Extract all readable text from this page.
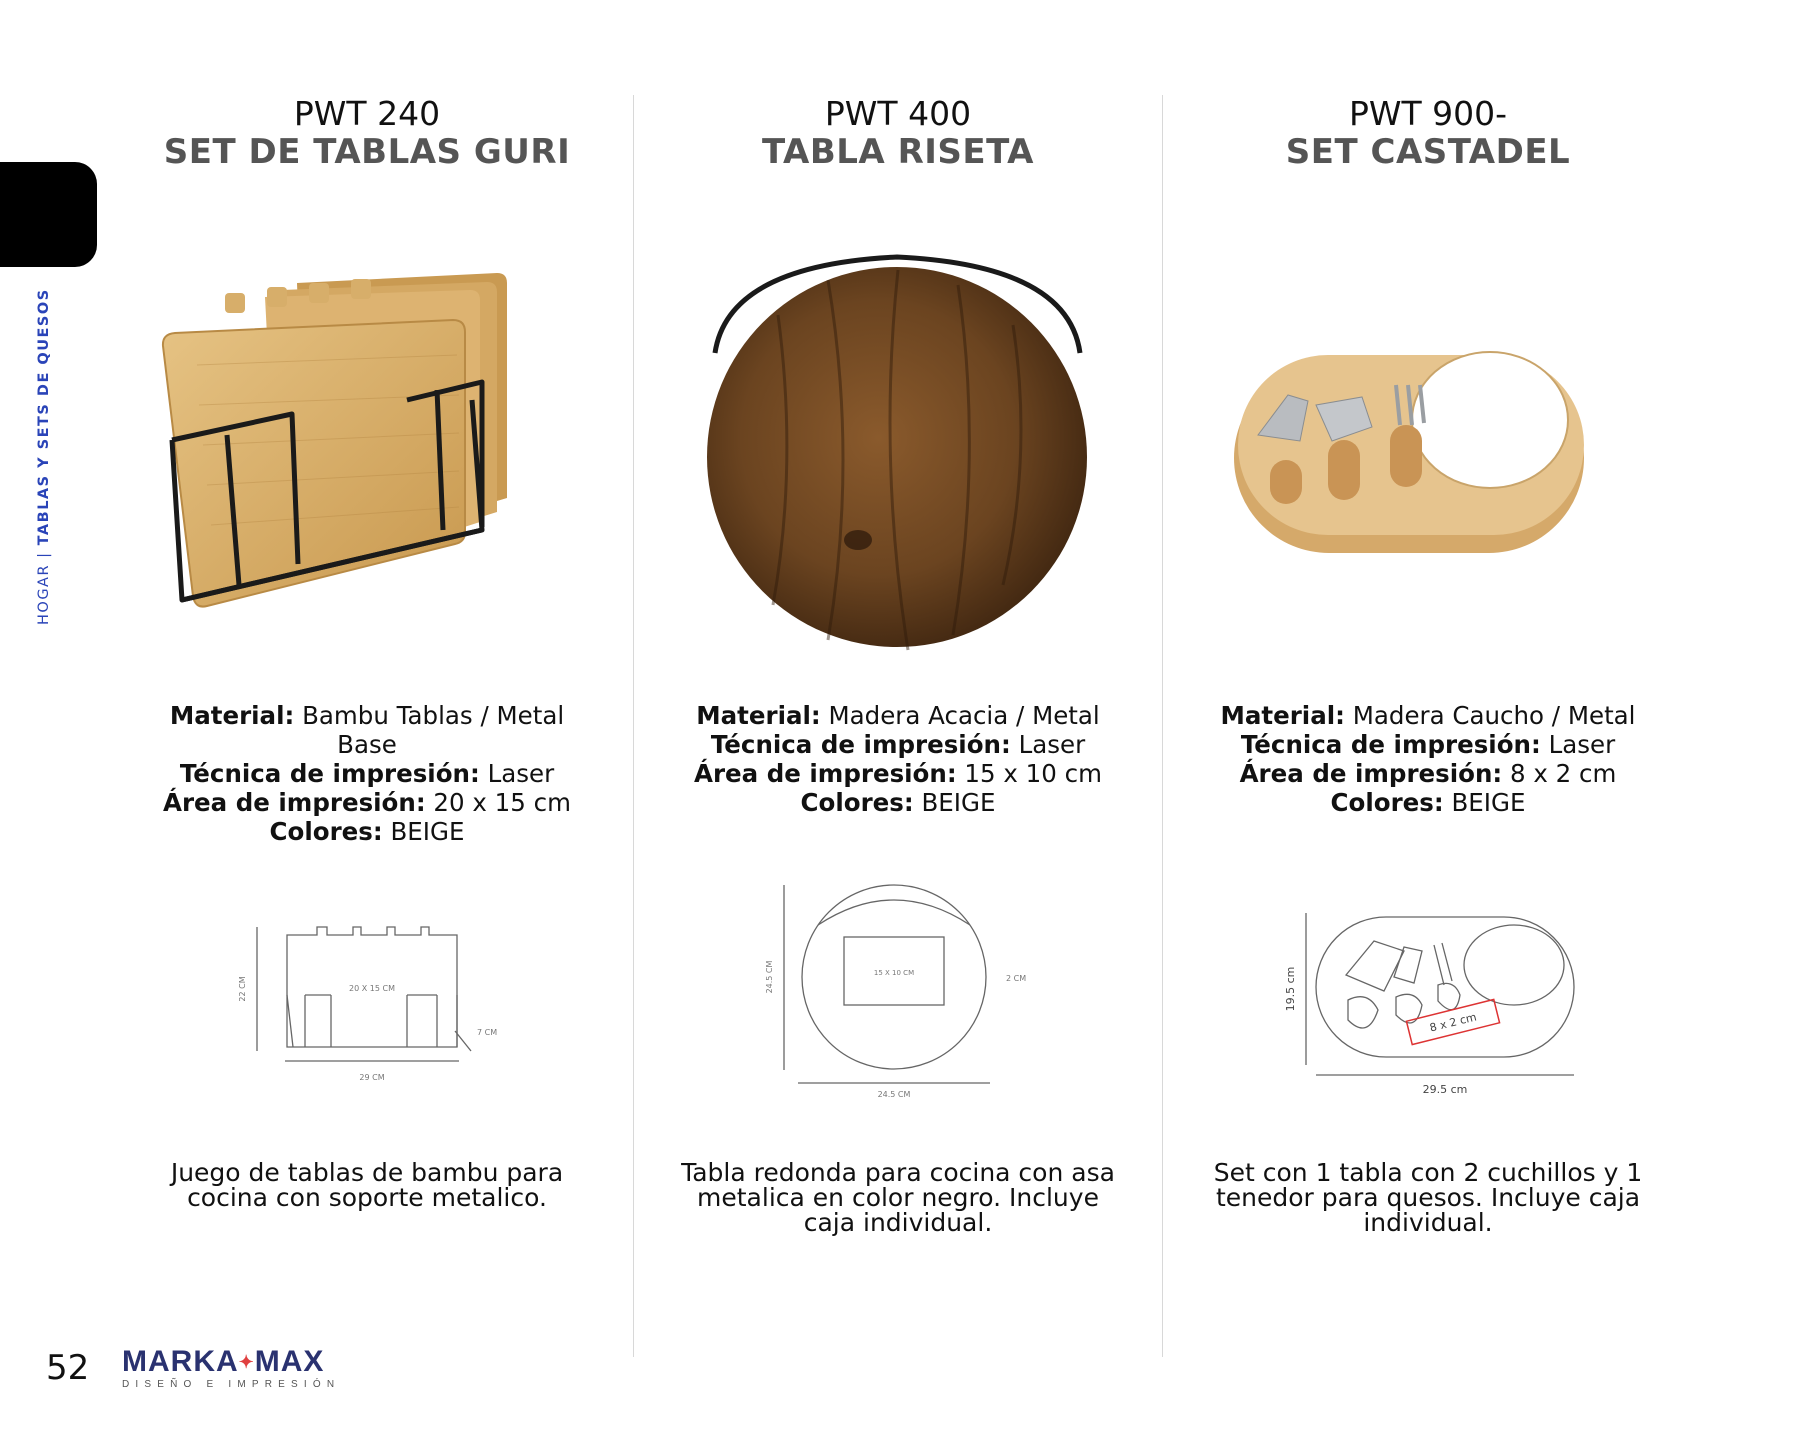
HOGAR | TABLAS Y SETS DE QUESOS
PWT 240
SET DE TABLAS GURI
Material: Bambu Tablas / Metal Base
Técnica de impresión: Laser
Área de impresión: 20 x 15 cm
Colores: BEIGE
22 CM	20 X 15 CM
7 CM
29 CM
Juego de tablas de bambu para cocina con soporte metalico.
PWT 400
TABLA RISETA
Material: Madera Acacia / Metal
Técnica de impresión: Laser
Área de impresión: 15 x 10 cm
Colores: BEIGE
24.5 CM	15 X 10 CM
2 CM
24.5 CM
Tabla redonda para cocina con asa metalica en color negro. Incluye caja individual.
PWT 900-
SET CASTADEL
Material: Madera Caucho / Metal
Técnica de impresión: Laser
Área de impresión: 8 x 2 cm
Colores: BEIGE
8 x 2 cm
19.5 cm
29.5 cm
Set con 1 tabla con 2 cuchillos y 1 tenedor para quesos. Incluye caja individual.
52 MARKA✦MAX
DISEÑO E IMPRESIÓN
